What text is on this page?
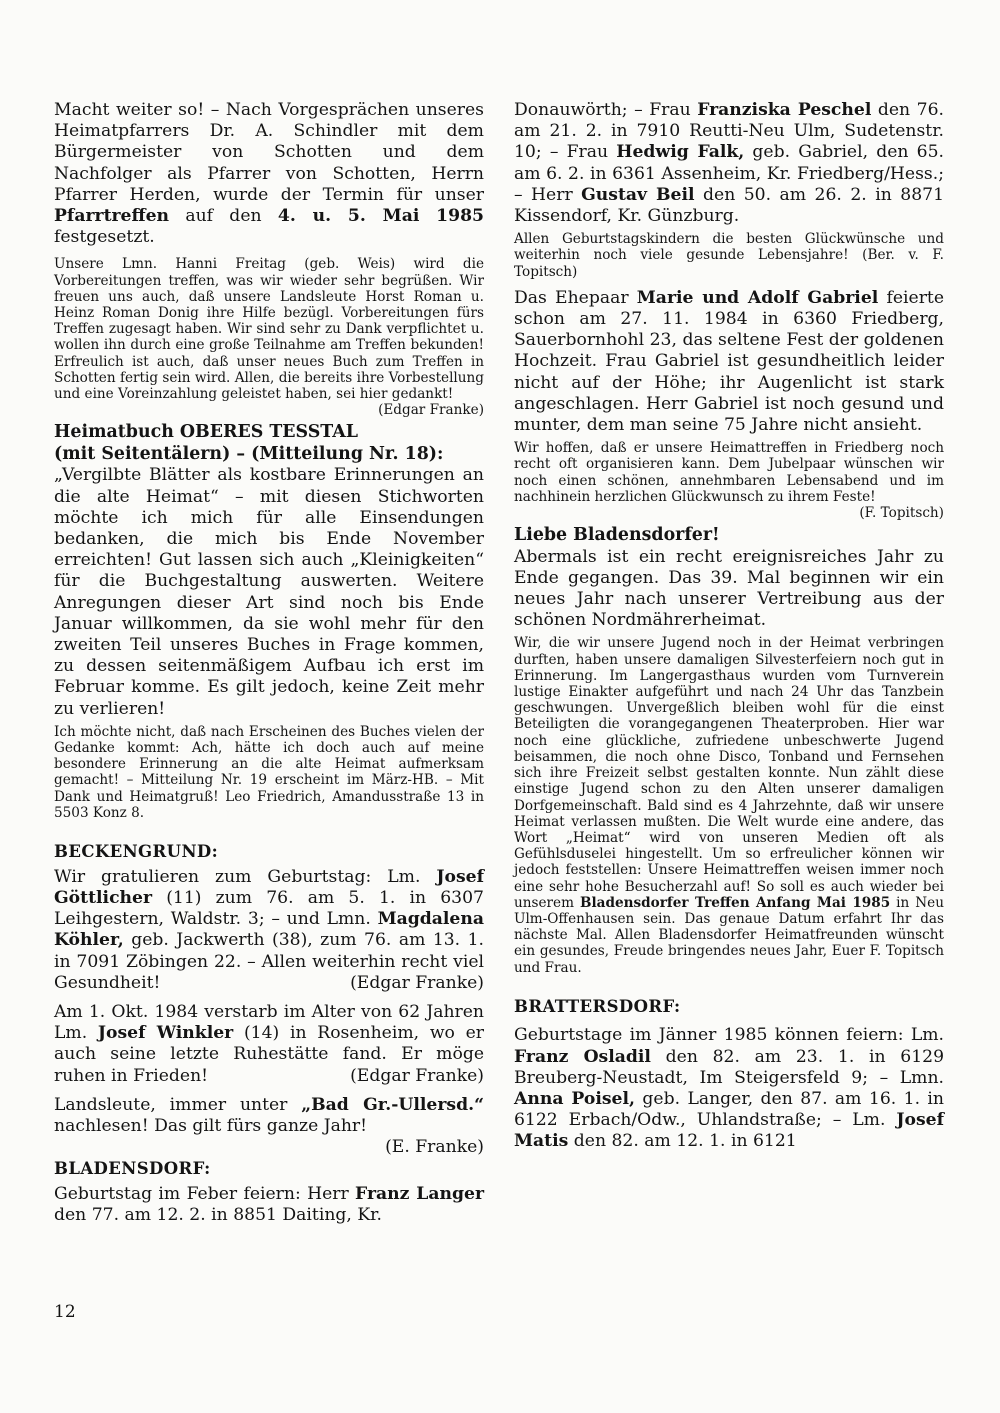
Macht weiter so! – Nach Vorgesprächen unseres Heimatpfarrers Dr. A. Schindler mit dem Bürgermeister von Schotten und dem Nachfolger als Pfarrer von Schotten, Herrn Pfarrer Herden, wurde der Termin für unser Pfarrtreffen auf den 4. u. 5. Mai 1985 festgesetzt.

Unsere Lmn. Hanni Freitag (geb. Weis) wird die Vorbereitungen treffen, was wir wieder sehr begrüßen. Wir freuen uns auch, daß unsere Landsleute Horst Roman u. Heinz Roman Donig ihre Hilfe bezügl. Vorbereitungen fürs Treffen zugesagt haben. Wir sind sehr zu Dank verpflichtet u. wollen ihn durch eine große Teilnahme am Treffen bekunden! Erfreulich ist auch, daß unser neues Buch zum Treffen in Schotten fertig sein wird. Allen, die bereits ihre Vorbestellung und eine Voreinzahlung geleistet haben, sei hier gedankt!
(Edgar Franke)

Heimatbuch OBERES TESSTAL
(mit Seitentälern) – (Mitteilung Nr. 18):

„Vergilbte Blätter als kostbare Erinnerungen an die alte Heimat“ – mit diesen Stichworten möchte ich mich für alle Einsendungen bedanken, die mich bis Ende November erreichten! Gut lassen sich auch „Kleinigkeiten“ für die Buchgestaltung auswerten. Weitere Anregungen dieser Art sind noch bis Ende Januar willkommen, da sie wohl mehr für den zweiten Teil unseres Buches in Frage kommen, zu dessen seitenmäßigem Aufbau ich erst im Februar komme. Es gilt jedoch, keine Zeit mehr zu verlieren!

Ich möchte nicht, daß nach Erscheinen des Buches vielen der Gedanke kommt: Ach, hätte ich doch auch auf meine besondere Erinnerung an die alte Heimat aufmerksam gemacht! – Mitteilung Nr. 19 erscheint im März-HB. – Mit Dank und Heimatgruß! Leo Friedrich, Amandusstraße 13 in 5503 Konz 8.

BECKENGRUND:

Wir gratulieren zum Geburtstag: Lm. Josef Göttlicher (11) zum 76. am 5. 1. in 6307 Leihgestern, Waldstr. 3; – und Lmn. Magdalena Köhler, geb. Jackwerth (38), zum 76. am 13. 1. in 7091 Zöbingen 22. – Allen weiterhin recht viel Gesundheit!	(Edgar Franke)

Am 1. Okt. 1984 verstarb im Alter von 62 Jahren Lm. Josef Winkler (14) in Rosenheim, wo er auch seine letzte Ruhestätte fand. Er möge ruhen in Frieden!	(Edgar Franke)

Landsleute, immer unter „Bad Gr.-Ullersd.“ nachlesen! Das gilt fürs ganze Jahr!

(E. Franke)

BLADENSDORF:

Geburtstag im Feber feiern: Herr Franz Langer den 77. am 12. 2. in 8851 Daiting, Kr.

Donauwörth; – Frau Franziska Peschel den 76. am 21. 2. in 7910 Reutti-Neu Ulm, Sudetenstr. 10; – Frau Hedwig Falk, geb. Gabriel, den 65. am 6. 2. in 6361 Assenheim, Kr. Friedberg/Hess.; – Herr Gustav Beil den 50. am 26. 2. in 8871 Kissendorf, Kr. Günzburg.

Allen Geburtstagskindern die besten Glückwünsche und weiterhin noch viele gesunde Lebensjahre! (Ber. v. F. Topitsch)

Das Ehepaar Marie und Adolf Gabriel feierte schon am 27. 11. 1984 in 6360 Friedberg, Sauerbornhohl 23, das seltene Fest der goldenen Hochzeit. Frau Gabriel ist gesundheitlich leider nicht auf der Höhe; ihr Augenlicht ist stark angeschlagen. Herr Gabriel ist noch gesund und munter, dem man seine 75 Jahre nicht ansieht.

Wir hoffen, daß er unsere Heimattreffen in Friedberg noch recht oft organisieren kann. Dem Jubelpaar wünschen wir noch einen schönen, annehmbaren Lebensabend und im nachhinein herzlichen Glückwunsch zu ihrem Feste!
(F. Topitsch)

Liebe Bladensdorfer!

Abermals ist ein recht ereignisreiches Jahr zu Ende gegangen. Das 39. Mal beginnen wir ein neues Jahr nach unserer Vertreibung aus der schönen Nordmährerheimat.

Wir, die wir unsere Jugend noch in der Heimat verbringen durften, haben unsere damaligen Silvesterfeiern noch gut in Erinnerung. Im Langergasthaus wurden vom Turnverein lustige Einakter aufgeführt und nach 24 Uhr das Tanzbein geschwungen. Unvergeßlich bleiben wohl für die einst Beteiligten die vorangegangenen Theaterproben. Hier war noch eine glückliche, zufriedene unbeschwerte Jugend beisammen, die noch ohne Disco, Tonband und Fernsehen sich ihre Freizeit selbst gestalten konnte. Nun zählt diese einstige Jugend schon zu den Alten unserer damaligen Dorfgemeinschaft. Bald sind es 4 Jahrzehnte, daß wir unsere Heimat verlassen mußten. Die Welt wurde eine andere, das Wort „Heimat“ wird von unseren Medien oft als Gefühlsduselei hingestellt. Um so erfreulicher können wir jedoch feststellen: Unsere Heimattreffen weisen immer noch eine sehr hohe Besucherzahl auf! So soll es auch wieder bei unserem Bladensdorfer Treffen Anfang Mai 1985 in Neu Ulm-Offenhausen sein. Das genaue Datum erfahrt Ihr das nächste Mal. Allen Bladensdorfer Heimatfreunden wünscht ein gesundes, Freude bringendes neues Jahr, Euer F. Topitsch und Frau.

BRATTERSDORF:

Geburtstage im Jänner 1985 können feiern: Lm. Franz Osladil den 82. am 23. 1. in 6129 Breuberg-Neustadt, Im Steigersfeld 9; – Lmn. Anna Poisel, geb. Langer, den 87. am 16. 1. in 6122 Erbach/Odw., Uhlandstraße; – Lm. Josef Matis den 82. am 12. 1. in 6121

12
